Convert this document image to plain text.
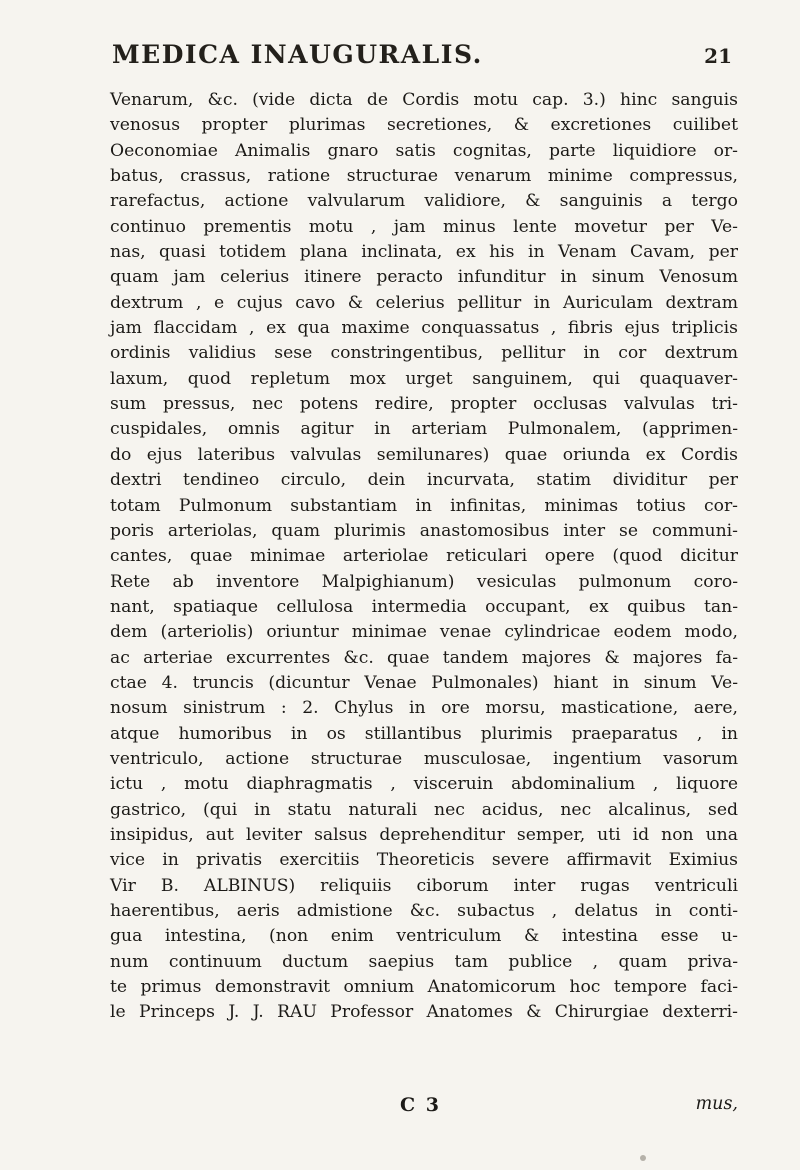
MEDICA INAUGURALIS.	21
Venarum, &c. (vide dicta de Cordis motu cap. 3.) hinc sanguis
venosus propter plurimas secretiones, & excretiones cuilibet
Oeconomiae Animalis gnaro satis cognitas, parte liquidiore or-
batus, crassus, ratione structurae venarum minime compressus,
rarefactus, actione valvularum validiore, & sanguinis a tergo
continuo prementis motu , jam minus lente movetur per Ve-
nas, quasi totidem plana inclinata, ex his in Venam Cavam, per
quam jam celerius itinere peracto infunditur in sinum Venosum
dextrum , e cujus cavo & celerius pellitur in Auriculam dextram
jam flaccidam , ex qua maxime conquassatus , fibris ejus triplicis
ordinis validius sese constringentibus, pellitur in cor dextrum
laxum, quod repletum mox urget sanguinem, qui quaquaver-
sum pressus, nec potens redire, propter occlusas valvulas tri-
cuspidales, omnis agitur in arteriam Pulmonalem, (apprimen-
do ejus lateribus valvulas semilunares) quae oriunda ex Cordis
dextri tendineo circulo, dein incurvata, statim dividitur per
totam Pulmonum substantiam in infinitas, minimas totius cor-
poris arteriolas, quam plurimis anastomosibus inter se communi-
cantes, quae minimae arteriolae reticulari opere (quod dicitur
Rete ab inventore Malpighianum) vesiculas pulmonum coro-
nant, spatiaque cellulosa intermedia occupant, ex quibus tan-
dem (arteriolis) oriuntur minimae venae cylindricae eodem modo,
ac arteriae excurrentes &c. quae tandem majores & majores fa-
ctae 4. truncis (dicuntur Venae Pulmonales) hiant in sinum Ve-
nosum sinistrum : 2. Chylus in ore morsu, masticatione, aere,
atque humoribus in os stillantibus plurimis praeparatus , in
ventriculo, actione structurae musculosae, ingentium vasorum
ictu , motu diaphragmatis , visceruin abdominalium , liquore
gastrico, (qui in statu naturali nec acidus, nec alcalinus, sed
insipidus, aut leviter salsus deprehenditur semper, uti id non una
vice in privatis exercitiis Theoreticis severe affirmavit Eximius
Vir B. ALBINUS) reliquiis ciborum inter rugas ventriculi
haerentibus, aeris admistione &c. subactus , delatus in conti-
gua intestina, (non enim ventriculum & intestina esse u-
num continuum ductum saepius tam publice , quam priva-
te primus demonstravit omnium Anatomicorum hoc tempore faci-
le Princeps J. J. RAU Professor Anatomes & Chirurgiae dexterri-
C 3	mus,
